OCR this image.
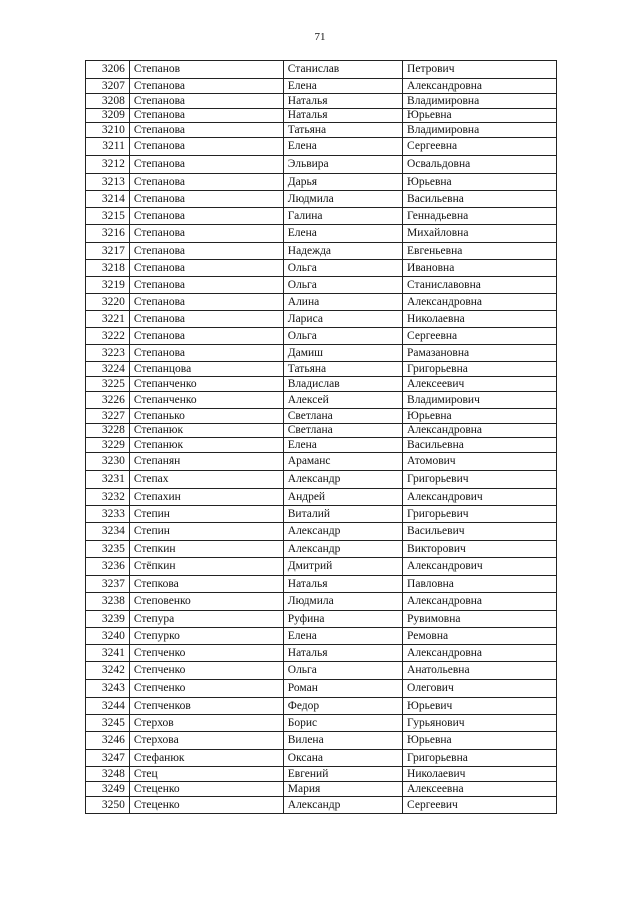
71
3206	Степанов	Станислав	Петрович
3207	Степанова	Елена	Александровна
3208	Степанова	Наталья	Владимировна
3209	Степанова	Наталья	Юрьевна
3210	Степанова	Татьяна	Владимировна
3211	Степанова	Елена	Сергеевна
3212	Степанова	Эльвира	Освальдовна
3213	Степанова	Дарья	Юрьевна
3214	Степанова	Людмила	Васильевна
3215	Степанова	Галина	Геннадьевна
3216	Степанова	Елена	Михайловна
3217	Степанова	Надежда	Евгеньевна
3218	Степанова	Ольга	Ивановна
3219	Степанова	Ольга	Станиславовна
3220	Степанова	Алина	Александровна
3221	Степанова	Лариса	Николаевна
3222	Степанова	Ольга	Сергеевна
3223	Степанова	Дамиш	Рамазановна
3224	Степанцова	Татьяна	Григорьевна
3225	Степанченко	Владислав	Алексеевич
3226	Степанченко	Алексей	Владимирович
3227	Степанько	Светлана	Юрьевна
3228	Степанюк	Светлана	Александровна
3229	Степанюк	Елена	Васильевна
3230	Степанян	Араманс	Атомович
3231	Степах	Александр	Григорьевич
3232	Степахин	Андрей	Александрович
3233	Степин	Виталий	Григорьевич
3234	Степин	Александр	Васильевич
3235	Степкин	Александр	Викторович
3236	Стёпкин	Дмитрий	Александрович
3237	Степкова	Наталья	Павловна
3238	Степовенко	Людмила	Александровна
3239	Степура	Руфина	Рувимовна
3240	Степурко	Елена	Ремовна
3241	Степченко	Наталья	Александровна
3242	Степченко	Ольга	Анатольевна
3243	Степченко	Роман	Олегович
3244	Степченков	Федор	Юрьевич
3245	Стерхов	Борис	Гурьянович
3246	Стерхова	Вилена	Юрьевна
3247	Стефанюк	Оксана	Григорьевна
3248	Стец	Евгений	Николаевич
3249	Стеценко	Мария	Алексеевна
3250	Стеценко	Александр	Сергеевич
